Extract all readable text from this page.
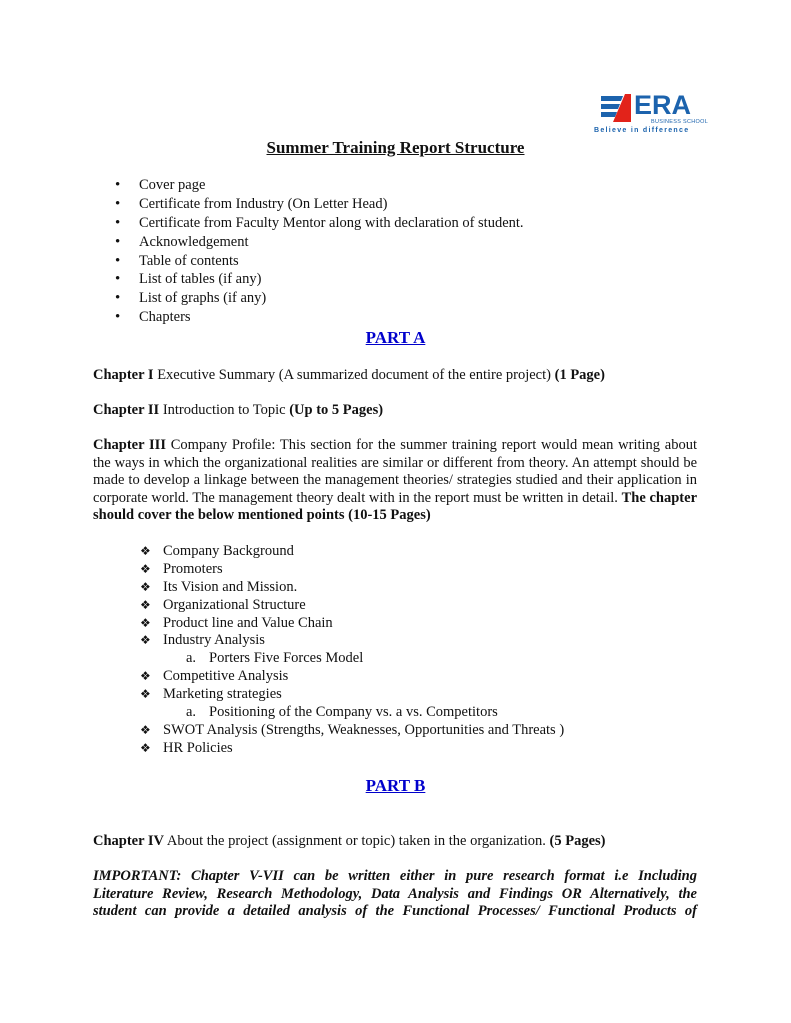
ERA
BUSINESS SCHOOL
Believe in difference
Summer Training Report Structure
• Cover page
• Certificate from Industry (On Letter Head)
• Certificate from Faculty Mentor along with declaration of student.
• Acknowledgement
• Table of contents
• List of tables (if any)
• List of graphs (if any)
• Chapters
PART A
Chapter I Executive Summary (A summarized document of the entire project) (1 Page)
Chapter II Introduction to Topic (Up to 5 Pages)
Chapter III Company Profile: This section for the summer training report would mean writing about the ways in which the organizational realities are similar or different from theory. An attempt should be made to develop a linkage between the management theories/ strategies studied and their application in corporate world. The management theory dealt with in the report must be written in detail. The chapter should cover the below mentioned points (10-15 Pages)
❖ Company Background
❖ Promoters
❖ Its Vision and Mission.
❖ Organizational Structure
❖ Product line and Value Chain
❖ Industry Analysis
a. Porters Five Forces Model
❖ Competitive Analysis
❖ Marketing strategies
a. Positioning of the Company vs. a vs. Competitors
❖ SWOT Analysis (Strengths, Weaknesses, Opportunities and Threats )
❖ HR Policies
PART B
Chapter IV About the project (assignment or topic) taken in the organization. (5 Pages)
IMPORTANT: Chapter V-VII can be written either in pure research format i.e Including
Literature Review, Research Methodology, Data Analysis and Findings OR Alternatively, the
student can provide a detailed analysis of the Functional Processes/ Functional Products of
